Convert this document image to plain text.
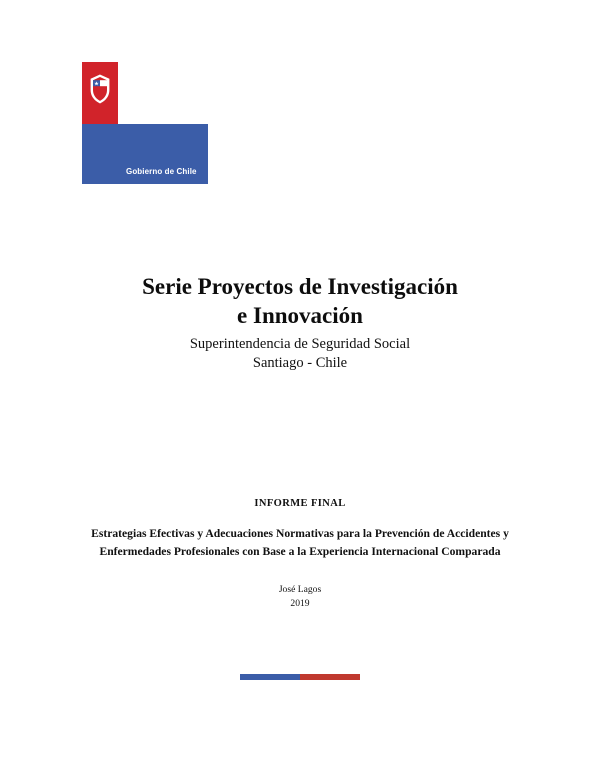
Superintendencia
de Seguridad
Social
Gobierno de Chile
Serie Proyectos de Investigación e Innovación
Superintendencia de Seguridad Social
Santiago - Chile
INFORME FINAL
Estrategias Efectivas y Adecuaciones Normativas para la Prevención de Accidentes y Enfermedades Profesionales con Base a la Experiencia Internacional Comparada
José Lagos
2019
